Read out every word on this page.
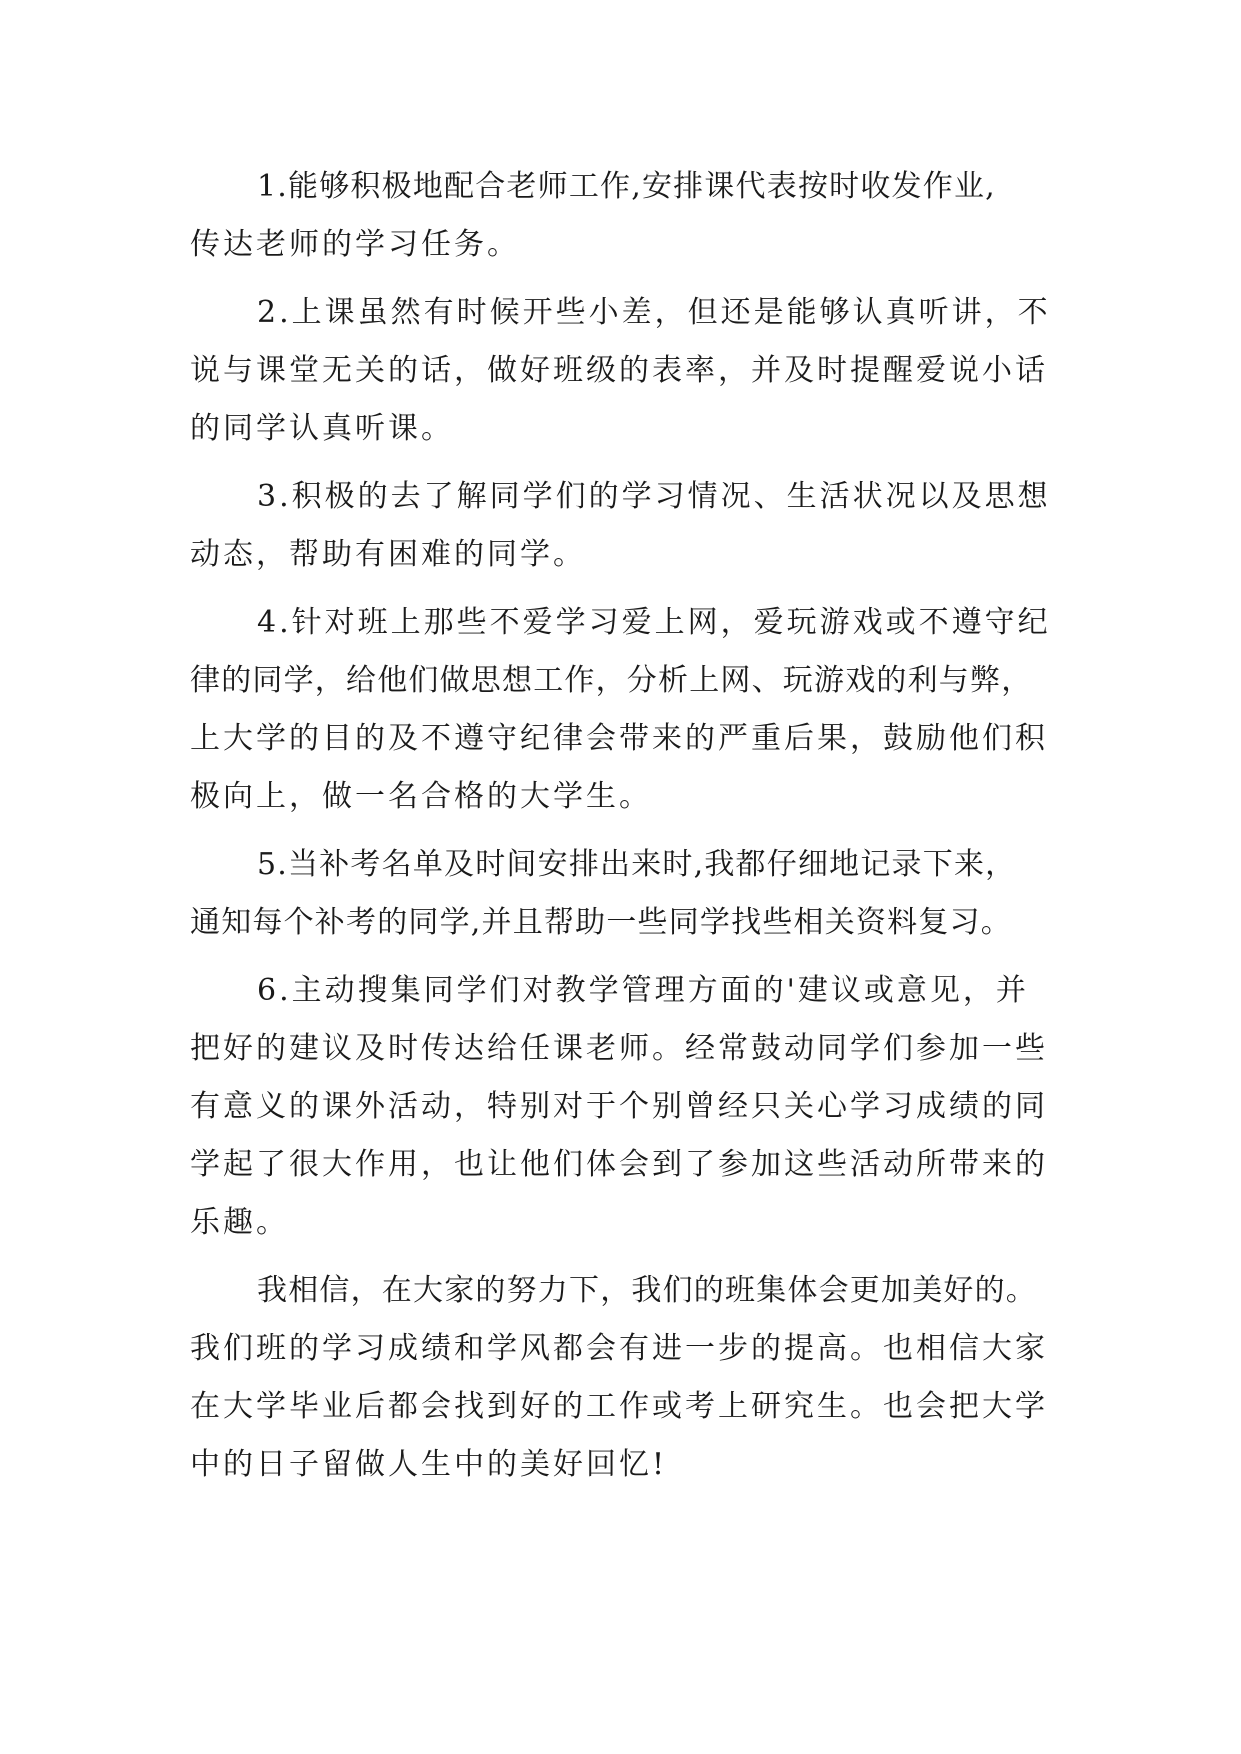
1.能够积极地配合老师工作,安排课代表按时收发作业,
传达老师的学习任务。
2.上课虽然有时候开些小差，但还是能够认真听讲，不
说与课堂无关的话，做好班级的表率，并及时提醒爱说小话
的同学认真听课。
3.积极的去了解同学们的学习情况、生活状况以及思想
动态，帮助有困难的同学。
4.针对班上那些不爱学习爱上网，爱玩游戏或不遵守纪
律的同学，给他们做思想工作，分析上网、玩游戏的利与弊，
上大学的目的及不遵守纪律会带来的严重后果，鼓励他们积
极向上，做一名合格的大学生。
5.当补考名单及时间安排出来时,我都仔细地记录下来，
通知每个补考的同学,并且帮助一些同学找些相关资料复习。
6.主动搜集同学们对教学管理方面的'建议或意见，并
把好的建议及时传达给任课老师。经常鼓动同学们参加一些
有意义的课外活动，特别对于个别曾经只关心学习成绩的同
学起了很大作用，也让他们体会到了参加这些活动所带来的
乐趣。
我相信，在大家的努力下，我们的班集体会更加美好的。
我们班的学习成绩和学风都会有进一步的提高。也相信大家
在大学毕业后都会找到好的工作或考上研究生。也会把大学
中的日子留做人生中的美好回忆!
